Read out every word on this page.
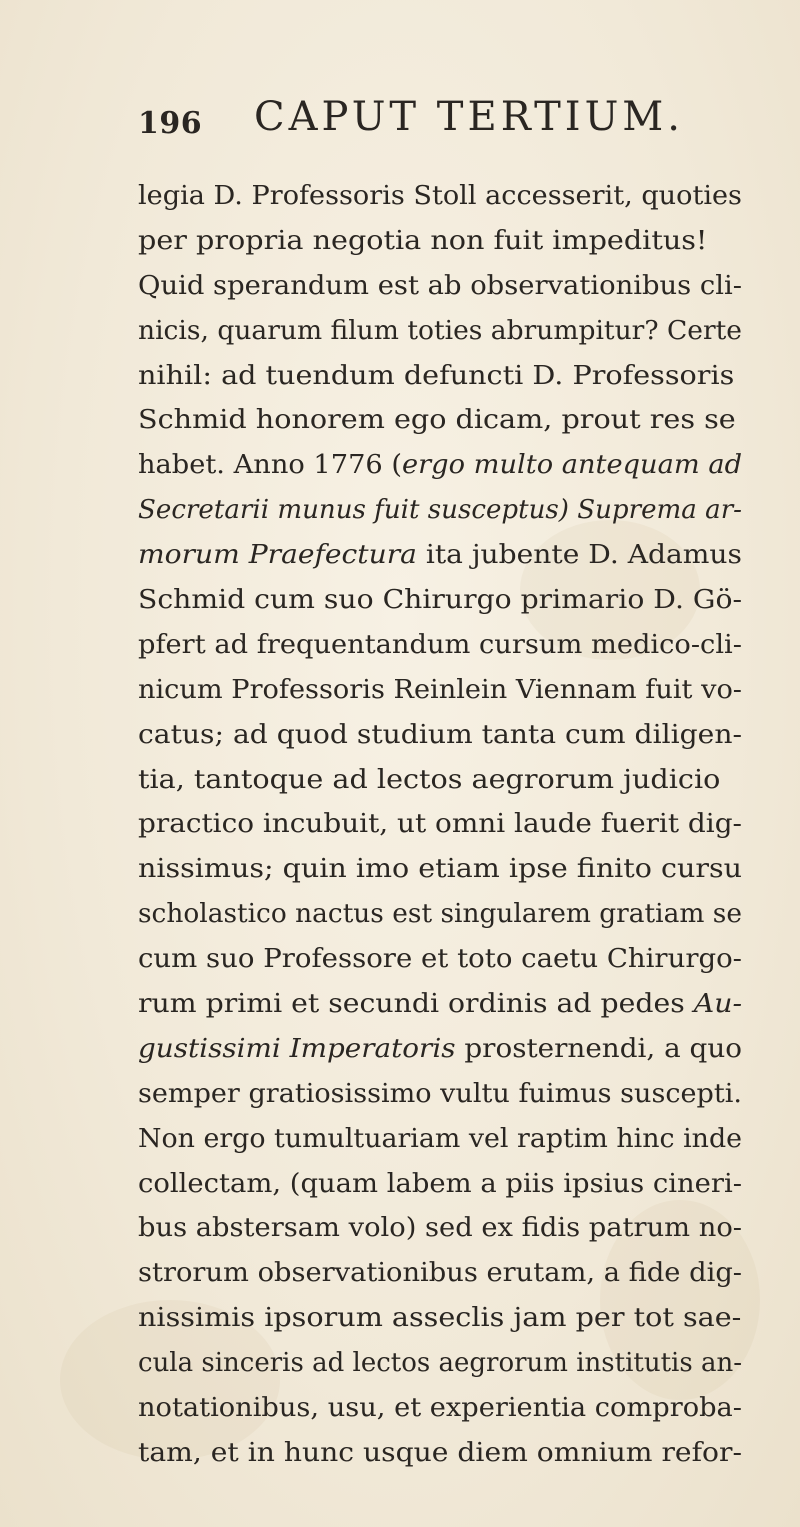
196 CAPUT TERTIUM.
legia D. Professoris Stoll accesserit, quoties
per propria negotia non fuit impeditus!
Quid sperandum est ab observationibus cli-
nicis, quarum filum toties abrumpitur? Certe
nihil: ad tuendum defuncti D. Professoris
Schmid honorem ego dicam, prout res se
habet. Anno 1776 (ergo multo antequam ad
Secretarii munus fuit susceptus) Suprema ar-
morum Praefectura ita jubente D. Adamus
Schmid cum suo Chirurgo primario D. Gö-
pfert ad frequentandum cursum medico-cli-
nicum Professoris Reinlein Viennam fuit vo-
catus; ad quod studium tanta cum diligen-
tia, tantoque ad lectos aegrorum judicio
practico incubuit, ut omni laude fuerit dig-
nissimus; quin imo etiam ipse finito cursu
scholastico nactus est singularem gratiam se
cum suo Professore et toto caetu Chirurgo-
rum primi et secundi ordinis ad pedes Au-
gustissimi Imperatoris prosternendi, a quo
semper gratiosissimo vultu fuimus suscepti.
Non ergo tumultuariam vel raptim hinc inde
collectam, (quam labem a piis ipsius cineri-
bus abstersam volo) sed ex fidis patrum no-
strorum observationibus erutam, a fide dig-
nissimis ipsorum asseclis jam per tot sae-
cula sinceris ad lectos aegrorum institutis an-
notationibus, usu, et experientia comproba-
tam, et in hunc usque diem omnium refor-
